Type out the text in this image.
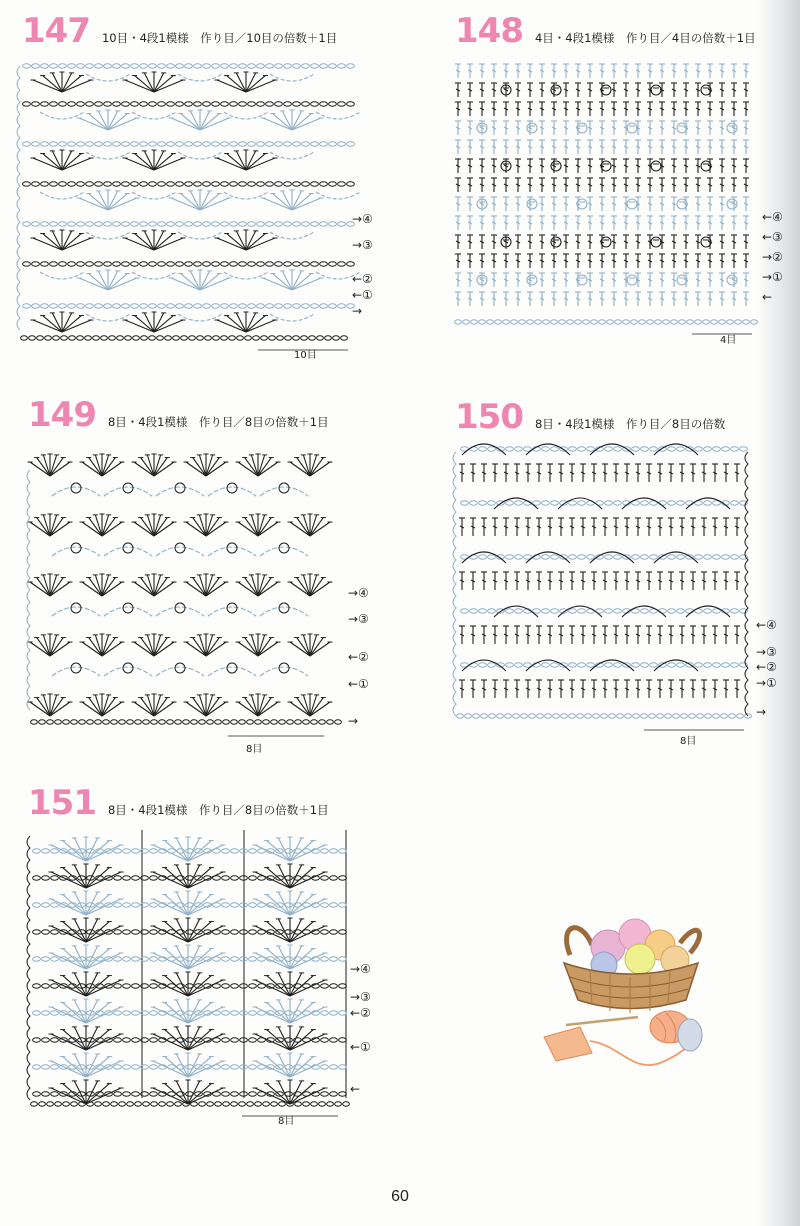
147 10目・4段1模様　作り目／10目の倍数＋1目
→④
→③
←②
←①
→
10目
148 4目・4段1模様　作り目／4目の倍数＋1目
←④
←③
→②
→①
←
4目
149 8目・4段1模様　作り目／8目の倍数＋1目
→④
→③
←②
←①
→
8目
150 8目・4段1模様　作り目／8目の倍数
←④
→③
←②
→①
→
8目
151 8目・4段1模様　作り目／8目の倍数＋1目
→④
→③
←②
←①
←
8目
60
